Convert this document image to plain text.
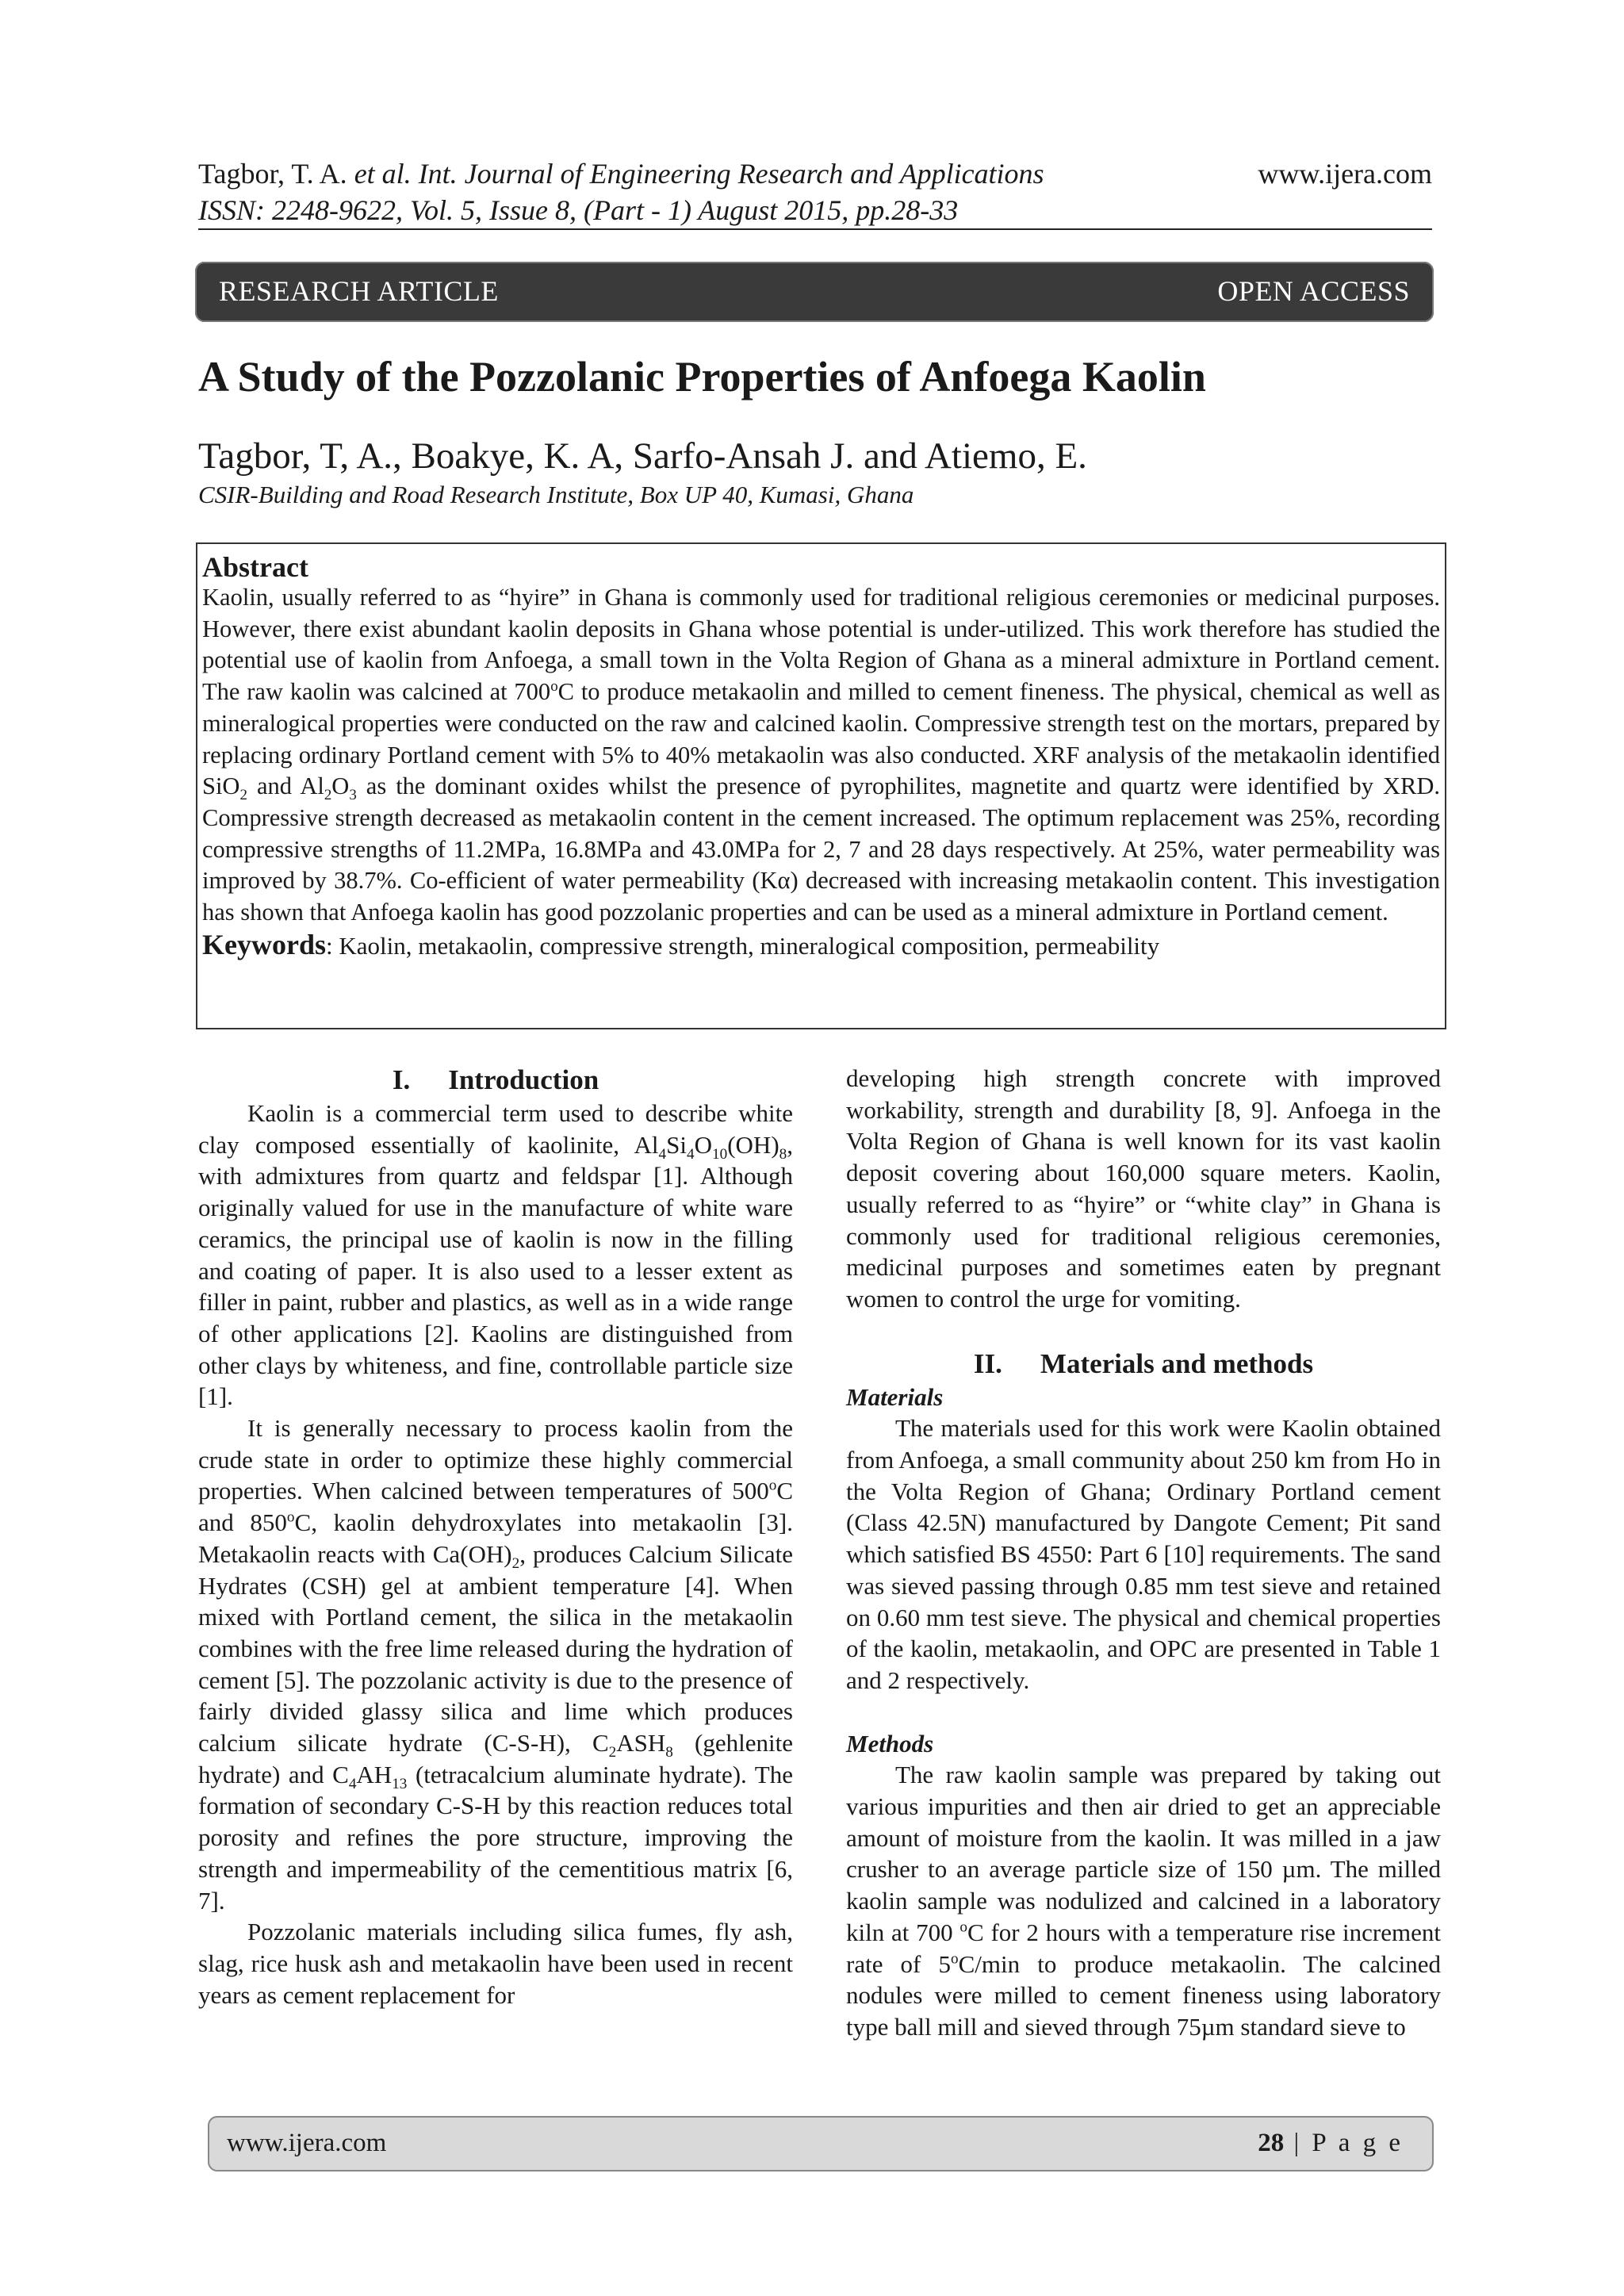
Tagbor, T. A. et al. Int. Journal of Engineering Research and Applications
ISSN: 2248-9622, Vol. 5, Issue 8, (Part - 1) August 2015, pp.28-33
www.ijera.com
RESEARCH ARTICLE	OPEN ACCESS
A Study of the Pozzolanic Properties of Anfoega Kaolin
Tagbor, T, A., Boakye, K. A, Sarfo-Ansah J. and Atiemo, E.
CSIR-Building and Road Research Institute, Box UP 40, Kumasi, Ghana
Abstract

Kaolin, usually referred to as “hyire” in Ghana is commonly used for traditional religious ceremonies or medicinal purposes. However, there exist abundant kaolin deposits in Ghana whose potential is under-utilized. This work therefore has studied the potential use of kaolin from Anfoega, a small town in the Volta Region of Ghana as a mineral admixture in Portland cement. The raw kaolin was calcined at 700$^o$C to produce metakaolin and milled to cement fineness. The physical, chemical as well as mineralogical properties were conducted on the raw and calcined kaolin. Compressive strength test on the mortars, prepared by replacing ordinary Portland cement with 5% to 40% metakaolin was also conducted. XRF analysis of the metakaolin identified SiO$_2$ and $Al_2O_3$ as the dominant oxides whilst the presence of pyrophilites, magnetite and quartz were identified by XRD. Compressive strength decreased as metakaolin content in the cement increased. The optimum replacement was 25%, recording compressive strengths of 11.2MPa, 16.8MPa and 43.0MPa for 2, 7 and 28 days respectively. At 25%, water permeability was improved by 38.7%. Co-efficient of water permeability (Kα) decreased with increasing metakaolin content. This investigation has shown that Anfoega kaolin has good pozzolanic properties and can be used as a mineral admixture in Portland cement.

Keywords: Kaolin, metakaolin, compressive strength, mineralogical composition, permeability

I. Introduction

Kaolin is a commercial term used to describe white clay composed essentially of kaolinite, $Al_4Si_4O_{10}(OH)_8$, with admixtures from quartz and feldspar [1]. Although originally valued for use in the manufacture of white ware ceramics, the principal use of kaolin is now in the filling and coating of paper. It is also used to a lesser extent as filler in paint, rubber and plastics, as well as in a wide range of other applications [2]. Kaolins are distinguished from other clays by whiteness, and fine, controllable particle size [1].

It is generally necessary to process kaolin from the crude state in order to optimize these highly commercial properties. When calcined between temperatures of 500$^o$C and 850$^o$C, kaolin dehydroxylates into metakaolin [3]. Metakaolin reacts with $Ca(OH)_2$, produces Calcium Silicate Hydrates (CSH) gel at ambient temperature [4]. When mixed with Portland cement, the silica in the metakaolin combines with the free lime released during the hydration of cement [5]. The pozzolanic activity is due to the presence of fairly divided glassy silica and lime which produces calcium silicate hydrate (C-S-H), $C_2ASH_8$ (gehlenite hydrate) and $C_4AH_{13}$ (tetracalcium aluminate hydrate). The formation of secondary C-S-H by this reaction reduces total porosity and refines the pore structure, improving the strength and impermeability of the cementitious matrix [6, 7].

Pozzolanic materials including silica fumes, fly ash, slag, rice husk ash and metakaolin have been used in recent years as cement replacement for

developing high strength concrete with improved workability, strength and durability [8, 9]. Anfoega in the Volta Region of Ghana is well known for its vast kaolin deposit covering about 160,000 square meters. Kaolin, usually referred to as “hyire” or “white clay” in Ghana is commonly used for traditional religious ceremonies, medicinal purposes and sometimes eaten by pregnant women to control the urge for vomiting.

II. Materials and methods

Materials

The materials used for this work were Kaolin obtained from Anfoega, a small community about 250 km from Ho in the Volta Region of Ghana; Ordinary Portland cement (Class 42.5N) manufactured by Dangote Cement; Pit sand which satisfied BS 4550: Part 6 [10] requirements. The sand was sieved passing through 0.85 mm test sieve and retained on 0.60 mm test sieve. The physical and chemical properties of the kaolin, metakaolin, and OPC are presented in Table 1 and 2 respectively.

Methods

The raw kaolin sample was prepared by taking out various impurities and then air dried to get an appreciable amount of moisture from the kaolin. It was milled in a jaw crusher to an average particle size of 150 µm. The milled kaolin sample was nodulized and calcined in a laboratory kiln at 700 $^o$C for 2 hours with a temperature rise increment rate of 5$^o$C/min to produce metakaolin. The calcined nodules were milled to cement fineness using laboratory type ball mill and sieved through 75µm standard sieve to

www.ijera.com	28 | P a g e
